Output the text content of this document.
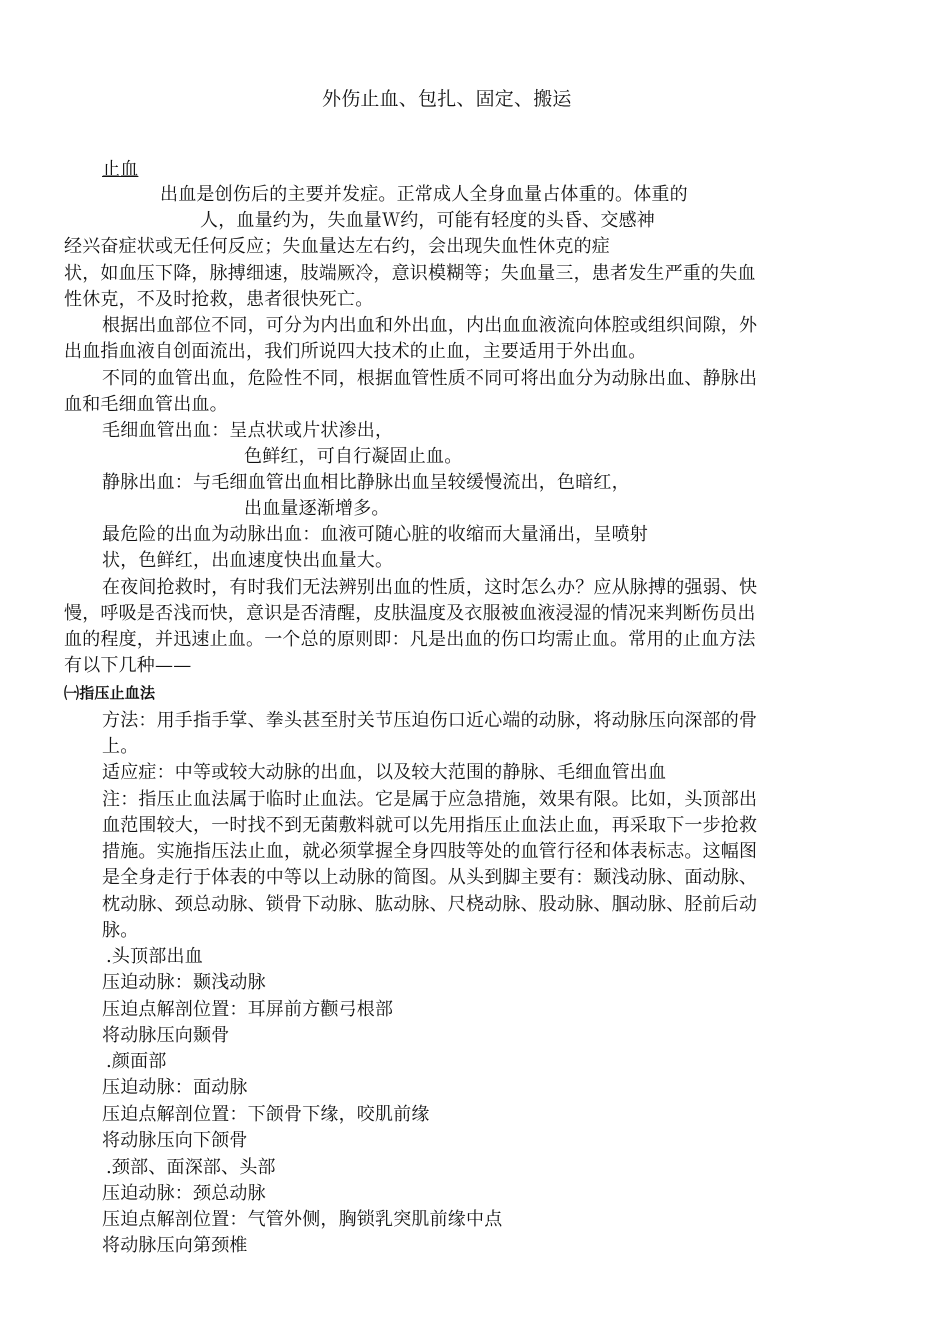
外伤止血、包扎、固定、搬运
止血
出血是创伤后的主要并发症。正常成人全身血量占体重的。体重的
人，血量约为，失血量Ｗ约，可能有轻度的头昏、交感神
经兴奋症状或无任何反应；失血量达左右约，会出现失血性休克的症
状，如血压下降，脉搏细速，肢端厥冷，意识模糊等；失血量三，患者发生严重的失血
性休克，不及时抢救，患者很快死亡。
根据出血部位不同，可分为内出血和外出血，内出血血液流向体腔或组织间隙，外
出血指血液自创面流出，我们所说四大技术的止血，主要适用于外出血。
不同的血管出血，危险性不同，根据血管性质不同可将出血分为动脉出血、静脉出
血和毛细血管出血。
毛细血管出血：呈点状或片状渗出，
色鲜红，可自行凝固止血。
静脉出血：与毛细血管出血相比静脉出血呈较缓慢流出，色暗红，
出血量逐渐增多。
最危险的出血为动脉出血：血液可随心脏的收缩而大量涌出，呈喷射
状，色鲜红，出血速度快出血量大。
在夜间抢救时，有时我们无法辨别出血的性质，这时怎么办？应从脉搏的强弱、快
慢，呼吸是否浅而快，意识是否清醒，皮肤温度及衣服被血液浸湿的情况来判断伤员出
血的程度，并迅速止血。一个总的原则即：凡是出血的伤口均需止血。常用的止血方法
有以下几种——
㈠指压止血法
方法：用手指手掌、拳头甚至肘关节压迫伤口近心端的动脉，将动脉压向深部的骨
上。
适应症：中等或较大动脉的出血，以及较大范围的静脉、毛细血管出血
注：指压止血法属于临时止血法。它是属于应急措施，效果有限。比如，头顶部出
血范围较大，一时找不到无菌敷料就可以先用指压止血法止血，再采取下一步抢救
措施。实施指压法止血，就必须掌握全身四肢等处的血管行径和体表标志。这幅图
是全身走行于体表的中等以上动脉的简图。从头到脚主要有：颞浅动脉、面动脉、
枕动脉、颈总动脉、锁骨下动脉、肱动脉、尺桡动脉、股动脉、腘动脉、胫前后动
脉。
.头顶部出血
压迫动脉：颞浅动脉
压迫点解剖位置：耳屏前方颧弓根部
将动脉压向颞骨
.颜面部
压迫动脉：面动脉
压迫点解剖位置：下颌骨下缘，咬肌前缘
将动脉压向下颌骨
.颈部、面深部、头部
压迫动脉：颈总动脉
压迫点解剖位置：气管外侧，胸锁乳突肌前缘中点
将动脉压向第颈椎
